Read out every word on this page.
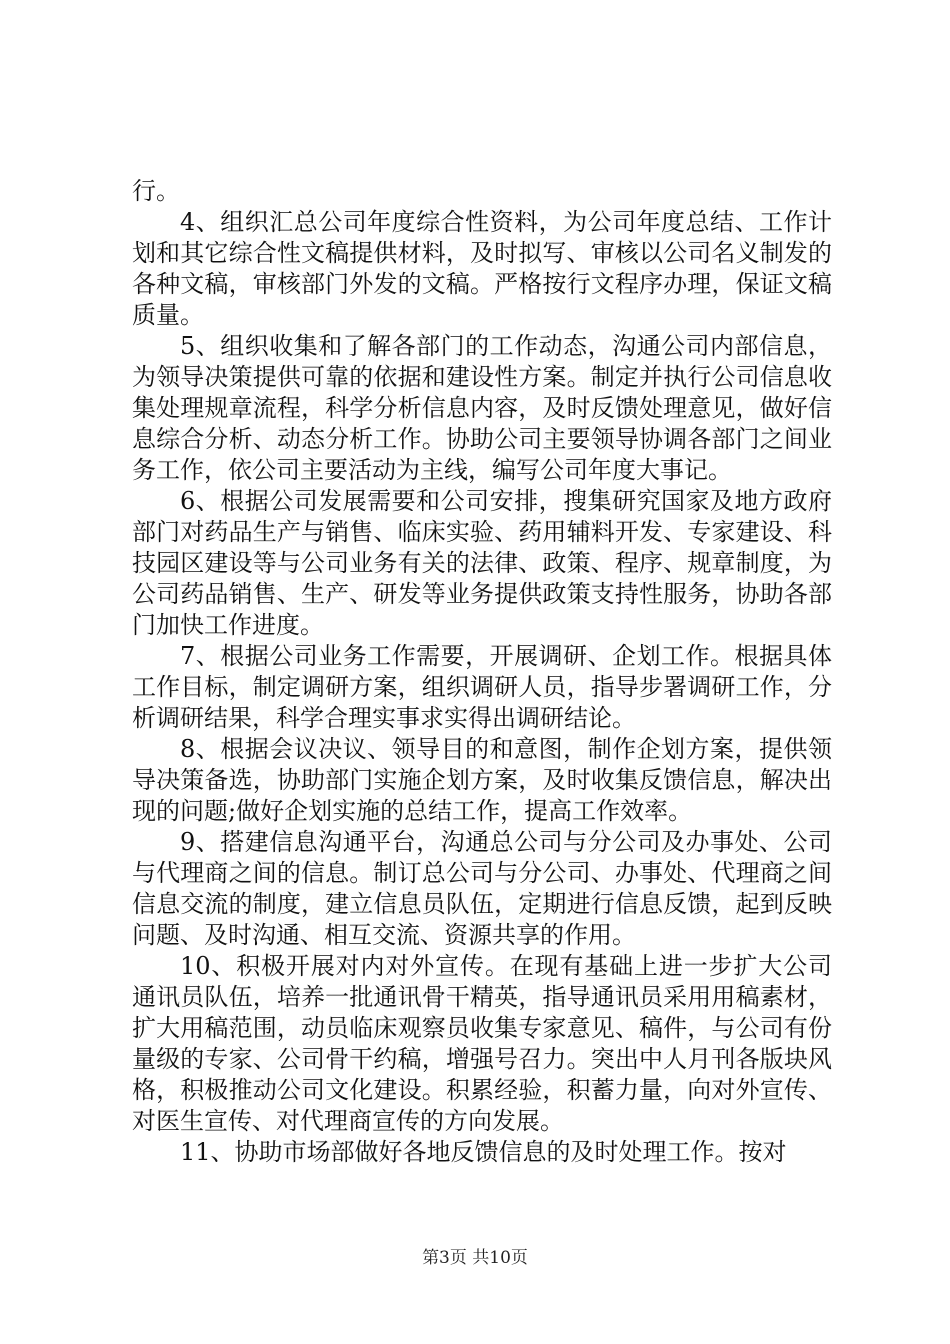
行。

4、组织汇总公司年度综合性资料，为公司年度总结、工作计划和其它综合性文稿提供材料，及时拟写、审核以公司名义制发的各种文稿，审核部门外发的文稿。严格按行文程序办理，保证文稿质量。

5、组织收集和了解各部门的工作动态，沟通公司内部信息，为领导决策提供可靠的依据和建设性方案。制定并执行公司信息收集处理规章流程，科学分析信息内容，及时反馈处理意见，做好信息综合分析、动态分析工作。协助公司主要领导协调各部门之间业务工作，依公司主要活动为主线，编写公司年度大事记。

6、根据公司发展需要和公司安排，搜集研究国家及地方政府部门对药品生产与销售、临床实验、药用辅料开发、专家建设、科技园区建设等与公司业务有关的法律、政策、程序、规章制度，为公司药品销售、生产、研发等业务提供政策支持性服务，协助各部门加快工作进度。

7、根据公司业务工作需要，开展调研、企划工作。根据具体工作目标，制定调研方案，组织调研人员，指导步署调研工作，分析调研结果，科学合理实事求实得出调研结论。

8、根据会议决议、领导目的和意图，制作企划方案，提供领导决策备选，协助部门实施企划方案，及时收集反馈信息，解决出现的问题;做好企划实施的总结工作，提高工作效率。

9、搭建信息沟通平台，沟通总公司与分公司及办事处、公司与代理商之间的信息。制订总公司与分公司、办事处、代理商之间信息交流的制度，建立信息员队伍，定期进行信息反馈，起到反映问题、及时沟通、相互交流、资源共享的作用。

10、积极开展对内对外宣传。在现有基础上进一步扩大公司通讯员队伍，培养一批通讯骨干精英，指导通讯员采用用稿素材，扩大用稿范围，动员临床观察员收集专家意见、稿件，与公司有份量级的专家、公司骨干约稿，增强号召力。突出中人月刊各版块风格，积极推动公司文化建设。积累经验，积蓄力量，向对外宣传、对医生宣传、对代理商宣传的方向发展。

11、协助市场部做好各地反馈信息的及时处理工作。按对

第3页 共10页
